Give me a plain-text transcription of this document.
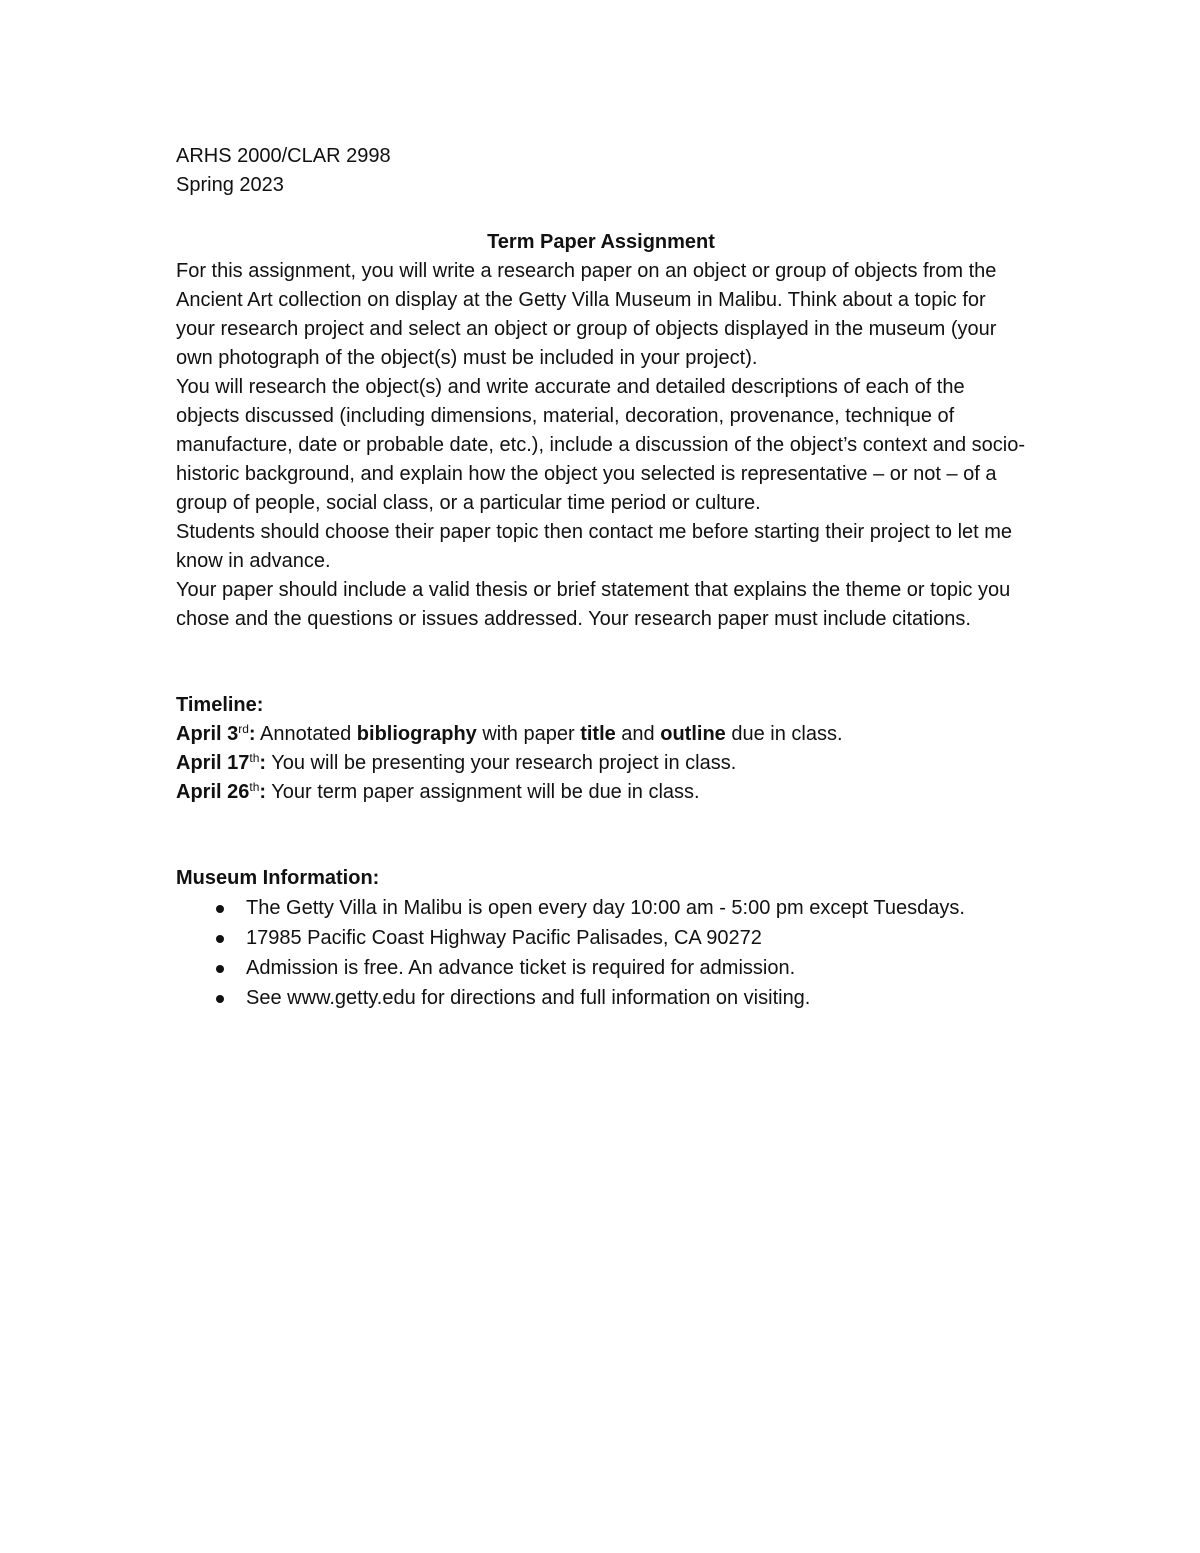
ARHS 2000/CLAR 2998

Spring 2023

Term Paper Assignment

For this assignment, you will write a research paper on an object or group of objects from the Ancient Art collection on display at the Getty Villa Museum in Malibu. Think about a topic for your research project and select an object or group of objects displayed in the museum (your own photograph of the object(s) must be included in your project).

You will research the object(s) and write accurate and detailed descriptions of each of the objects discussed (including dimensions, material, decoration, provenance, technique of manufacture, date or probable date, etc.), include a discussion of the object’s context and socio-historic background, and explain how the object you selected is representative – or not – of a group of people, social class, or a particular time period or culture.

Students should choose their paper topic then contact me before starting their project to let me know in advance.

Your paper should include a valid thesis or brief statement that explains the theme or topic you chose and the questions or issues addressed. Your research paper must include citations.

Timeline:

April 3rd: Annotated bibliography with paper title and outline due in class.

April 17th: You will be presenting your research project in class.

April 26th: Your term paper assignment will be due in class.

Museum Information:

The Getty Villa in Malibu is open every day 10:00 am - 5:00 pm except Tuesdays.
17985 Pacific Coast Highway Pacific Palisades, CA 90272
Admission is free. An advance ticket is required for admission.
See www.getty.edu for directions and full information on visiting.
